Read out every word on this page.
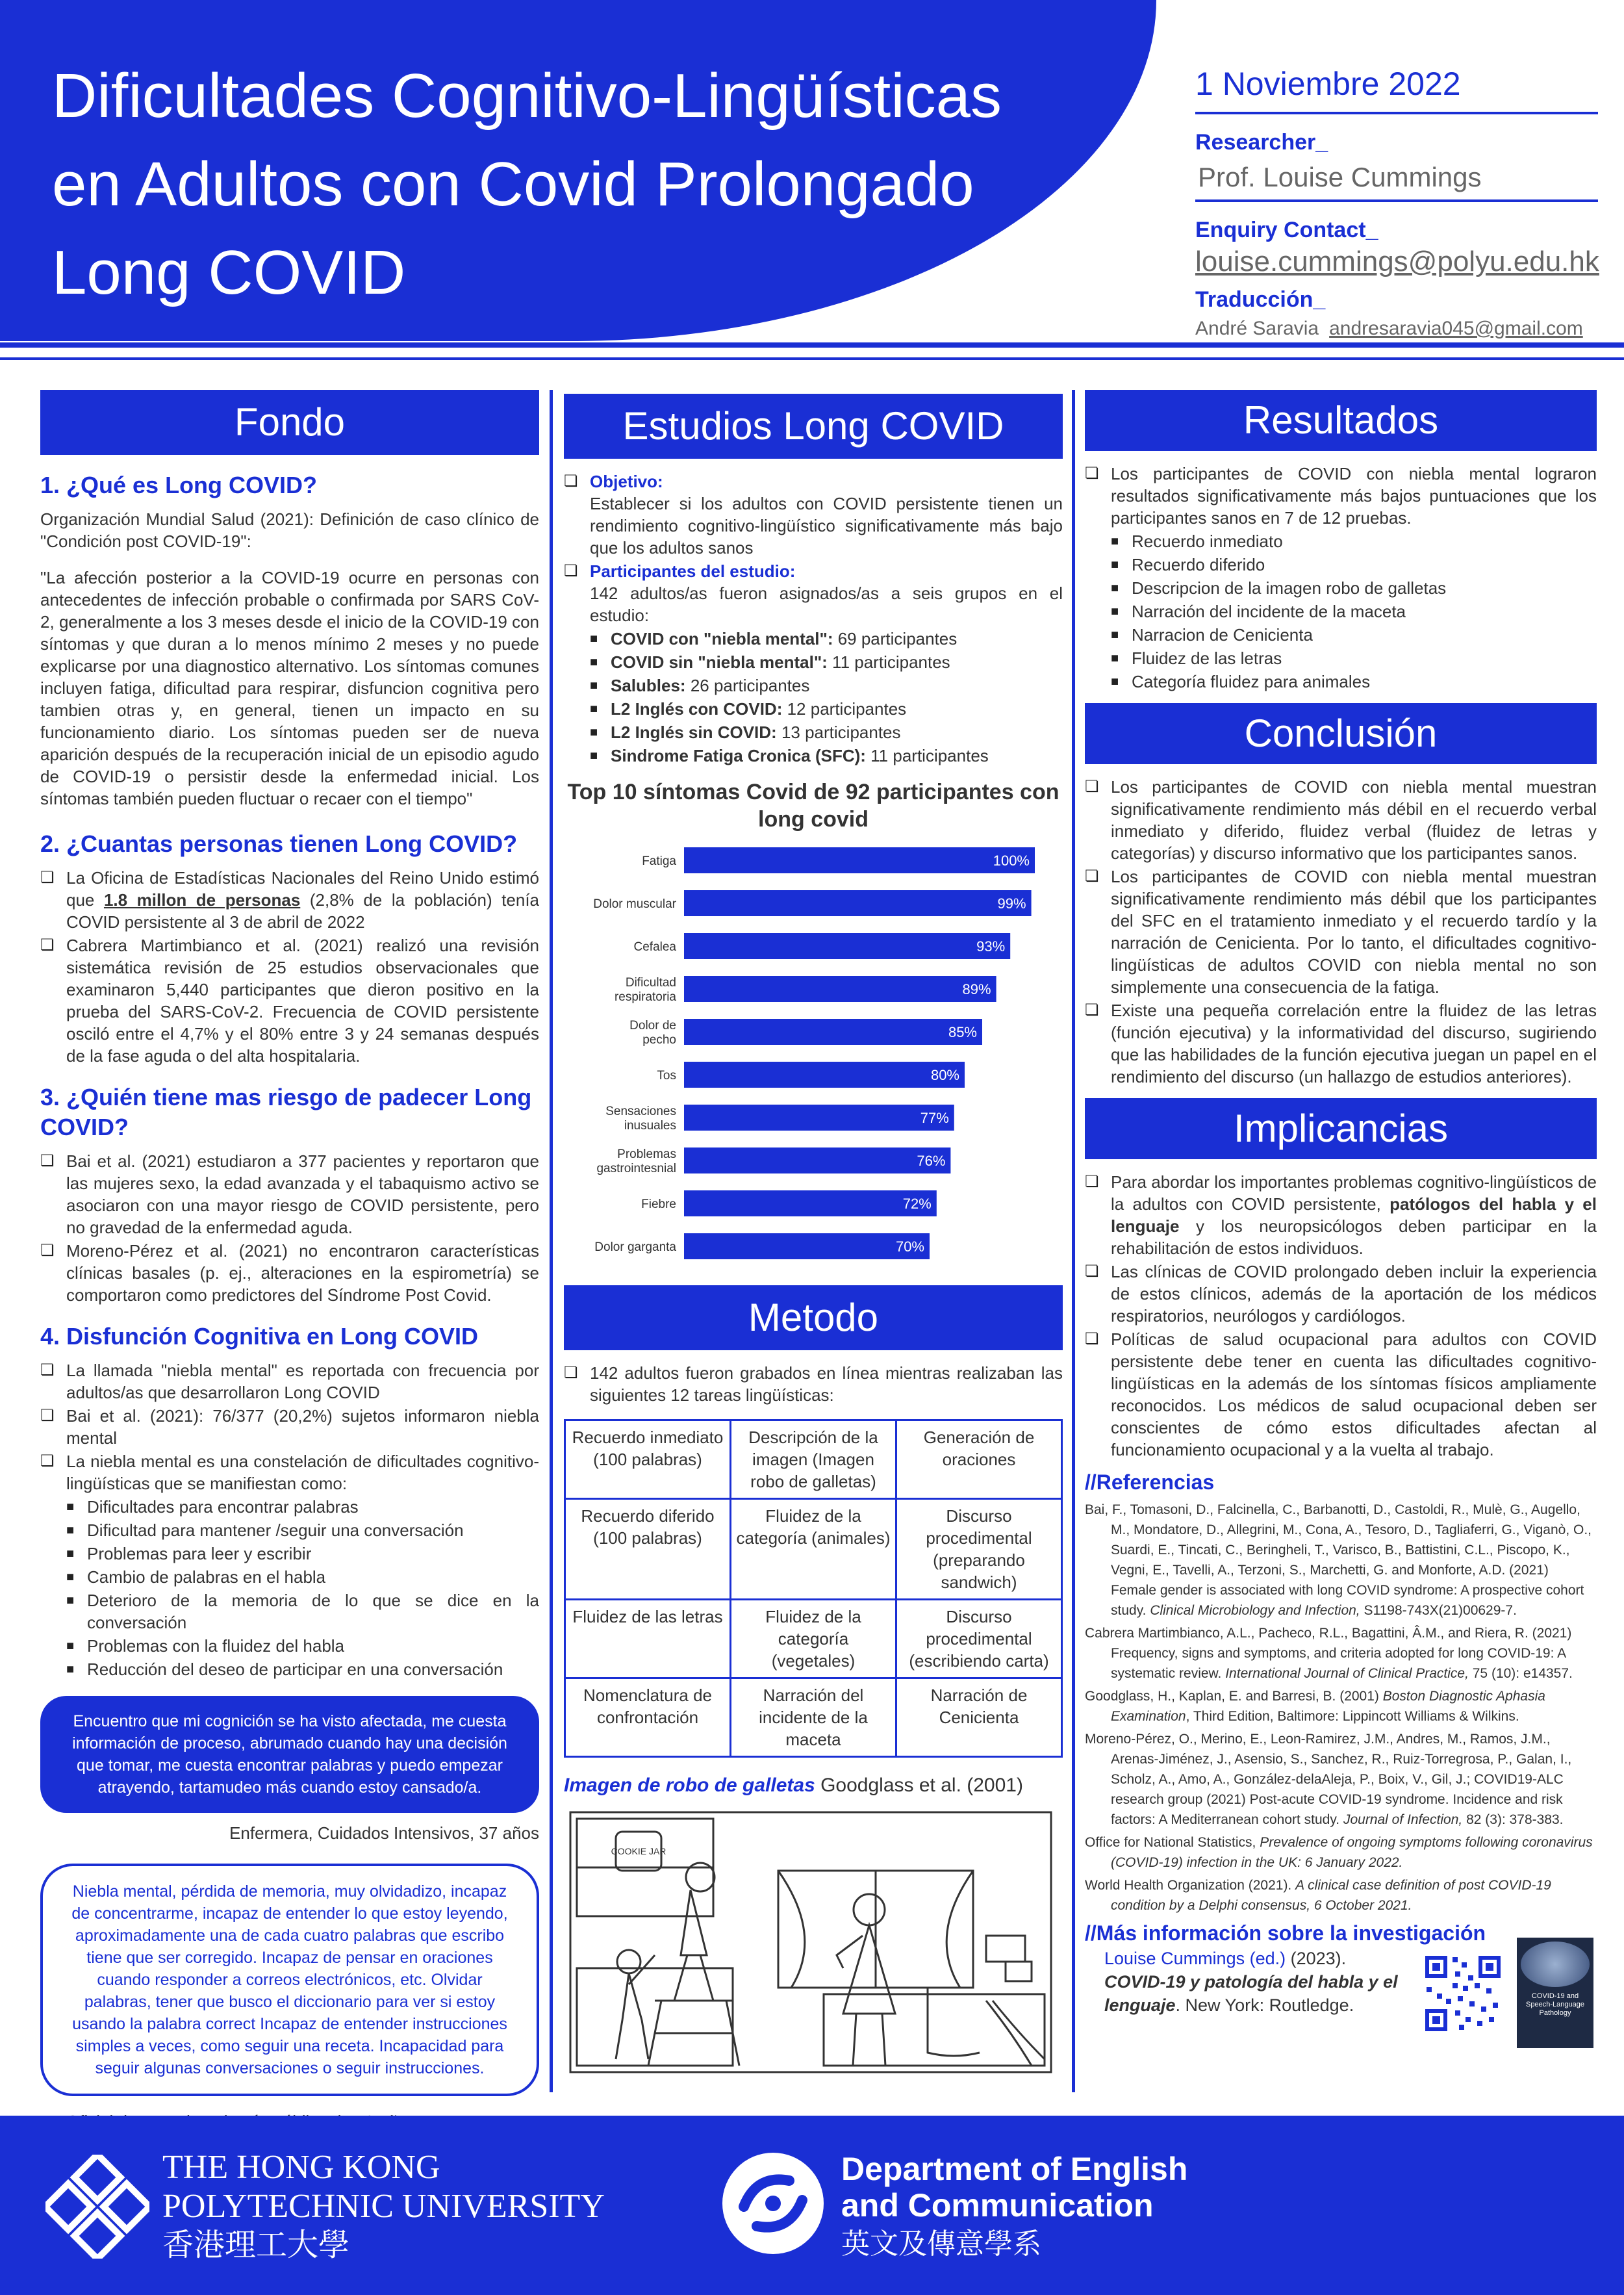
Dificultades Cognitivo-Lingüísticas
en Adultos con Covid Prolongado
Long COVID
1 Noviembre 2022
Researcher_
Prof. Louise Cummings
Enquiry Contact_
louise.cummings@polyu.edu.hk
Traducción_
André Saravia andresaravia045@gmail.com
Fondo
1. ¿Qué es Long COVID?

Organización Mundial Salud (2021): Definición de caso clínico de "Condición post COVID-19":

"La afección posterior a la COVID-19 ocurre en personas con antecedentes de infección probable o confirmada por SARS CoV-2, generalmente a los 3 meses desde el inicio de la COVID-19 con síntomas y que duran a lo menos mínimo 2 meses y no puede explicarse por una diagnostico alternativo. Los síntomas comunes incluyen fatiga, dificultad para respirar, disfuncion cognitiva pero tambien otras y, en general, tienen un impacto en su funcionamiento diario. Los síntomas pueden ser de nueva aparición después de la recuperación inicial de un episodio agudo de COVID-19 o persistir desde la enfermedad inicial. Los síntomas también pueden fluctuar o recaer con el tiempo"

2. ¿Cuantas personas tienen Long COVID?
❏ La Oficina de Estadísticas Nacionales del Reino Unido estimó que 1.8 millon de personas (2,8% de la población) tenía COVID persistente al 3 de abril de 2022
❏ Cabrera Martimbianco et al. (2021) realizó una revisión sistemática revisión de 25 estudios observacionales que examinaron 5,440 participantes que dieron positivo en la prueba del SARS-CoV-2. Frecuencia de COVID persistente osciló entre el 4,7% y el 80% entre 3 y 24 semanas después de la fase aguda o del alta hospitalaria.
3. ¿Quién tiene mas riesgo de padecer Long COVID?
❏ Bai et al. (2021) estudiaron a 377 pacientes y reportaron que las mujeres sexo, la edad avanzada y el tabaquismo activo se asociaron con una mayor riesgo de COVID persistente, pero no gravedad de la enfermedad aguda.
❏ Moreno-Pérez et al. (2021) no encontraron características clínicas basales (p. ej., alteraciones en la espirometría) se comportaron como predictores del Síndrome Post Covid.
4. Disfunción Cognitiva en Long COVID
❏ La llamada "niebla mental" es reportada con frecuencia por adultos/as que desarrollaron Long COVID
❏ Bai et al. (2021): 76/377 (20,2%) sujetos informaron niebla mental
❏ La niebla mental es una constelación de dificultades cognitivo-lingüísticas que se manifiestan como:
■ Dificultades para encontrar palabras
■ Dificultad para mantener /seguir una conversación
■ Problemas para leer y escribir
■ Cambio de palabras en el habla
■ Deterioro de la memoria de lo que se dice en la conversación
■ Problemas con la fluidez del habla
■ Reducción del deseo de participar en una conversación
Encuentro que mi cognición se ha visto afectada, me cuesta información de proceso, abrumado cuando hay una decisión que tomar, me cuesta encontrar palabras y puedo empezar atrayendo, tartamudeo más cuando estoy cansado/a.
Enfermera, Cuidados Intensivos, 37 años
Niebla mental, pérdida de memoria, muy olvidadizo, incapaz de concentrarme, incapaz de entender lo que estoy leyendo, aproximadamente una de cada cuatro palabras que escribo tiene que ser corregido. Incapaz de pensar en oraciones cuando responder a correos electrónicos, etc. Olvidar palabras, tener que busco el diccionario para ver si estoy usando la palabra correct Incapaz de entender instrucciones simples a veces, como seguir una receta. Incapacidad para seguir algunas conversaciones o seguir instrucciones.
Estudios Long COVID
❏ Objetivo:
Establecer si los adultos con COVID persistente tienen un rendimiento cognitivo-lingüístico significativamente más bajo que los adultos sanos
❏ Participantes del estudio:
142 adultos/as fueron asignados/as a seis grupos en el estudio:
■ COVID con "niebla mental": 69 participantes
■ COVID sin "niebla mental": 11 participantes
■ Salubles: 26 participantes
■ L2 Inglés con COVID: 12 participantes
■ L2 Inglés sin COVID: 13 participantes
■ Sindrome Fatiga Cronica (SFC): 11 participantes
Top 10 síntomas Covid de 92 participantes con long covid
100%
Fatiga
99%
Dolor muscular
93%
Cefalea
89%
Dificultad respiratoria
85%
Dolor de pecho
80%
Tos
77%
Sensaciones inusuales
76%
Problemas gastrointesnial
72%
Fiebre
70%
Dolor garganta
Metodo
❏ 142 adultos fueron grabados en línea mientras realizaban las siguientes 12 tareas lingüísticas:
Recuerdo inmediato (100 palabras)	Descripción de la imagen (Imagen robo de galletas)	Generación de oraciones
Recuerdo diferido (100 palabras)	Fluidez de la categoría (animales)	Discurso procedimental (preparando sandwich)
Fluidez de las letras	Fluidez de la categoría (vegetales)	Discurso procedimental (escribiendo carta)
Nomenclatura de confrontación	Narración del incidente de la maceta	Narración de Cenicienta
Imagen de robo de galletas Goodglass et al. (2001)
COOKIE JAR
Resultados
❏ Los participantes de COVID con niebla mental lograron resultados significativamente más bajos puntuaciones que los participantes sanos en 7 de 12 pruebas.
■ Recuerdo inmediato
■ Recuerdo diferido
■ Descripcion de la imagen robo de galletas
■ Narración del incidente de la maceta
■ Narracion de Cenicienta
■ Fluidez de las letras
■ Categoría fluidez para animales
Conclusión
❏ Los participantes de COVID con niebla mental muestran significativamente rendimiento más débil en el recuerdo verbal inmediato y diferido, fluidez verbal (fluidez de letras y categorías) y discurso informativo que los participantes sanos.
❏ Los participantes de COVID con niebla mental muestran significativamente rendimiento más débil que los participantes del SFC en el tratamiento inmediato y el recuerdo tardío y la narración de Cenicienta. Por lo tanto, el dificultades cognitivo-lingüísticas de adultos COVID con niebla mental no son simplemente una consecuencia de la fatiga.
❏ Existe una pequeña correlación entre la fluidez de las letras (función ejecutiva) y la informatividad del discurso, sugiriendo que las habilidades de la función ejecutiva juegan un papel en el rendimiento del discurso (un hallazgo de estudios anteriores).
Implicancias
❏ Para abordar los importantes problemas cognitivo-lingüísticos de la adultos con COVID persistente, patólogos del habla y el lenguaje y los neuropsicólogos deben participar en la rehabilitación de estos individuos.
❏ Las clínicas de COVID prolongado deben incluir la experiencia de estos clínicos, además de la aportación de los médicos respiratorios, neurólogos y cardiólogos.
❏ Políticas de salud ocupacional para adultos con COVID persistente debe tener en cuenta las dificultades cognitivo-lingüísticas en la además de los síntomas físicos ampliamente reconocidos. Los médicos de salud ocupacional deben ser conscientes de cómo estos dificultades afectan al funcionamiento ocupacional y a la vuelta al trabajo.
//Referencias
Bai, F., Tomasoni, D., Falcinella, C., Barbanotti, D., Castoldi, R., Mulè, G., Augello, M., Mondatore, D., Allegrini, M., Cona, A., Tesoro, D., Tagliaferri, G., Viganò, O., Suardi, E., Tincati, C., Beringheli, T., Varisco, B., Battistini, C.L., Piscopo, K., Vegni, E., Tavelli, A., Terzoni, S., Marchetti, G. and Monforte, A.D. (2021) Female gender is associated with long COVID syndrome: A prospective cohort study. Clinical Microbiology and Infection, S1198-743X(21)00629-7.
Cabrera Martimbianco, A.L., Pacheco, R.L., Bagattini, Â.M., and Riera, R. (2021) Frequency, signs and symptoms, and criteria adopted for long COVID-19: A systematic review. International Journal of Clinical Practice, 75 (10): e14357.
Goodglass, H., Kaplan, E. and Barresi, B. (2001) Boston Diagnostic Aphasia Examination, Third Edition, Baltimore: Lippincott Williams & Wilkins.
Moreno-Pérez, O., Merino, E., Leon-Ramirez, J.M., Andres, M., Ramos, J.M., Arenas-Jiménez, J., Asensio, S., Sanchez, R., Ruiz-Torregrosa, P., Galan, I., Scholz, A., Amo, A., González-delaAleja, P., Boix, V., Gil, J.; COVID19-ALC research group (2021) Post-acute COVID-19 syndrome. Incidence and risk factors: A Mediterranean cohort study. Journal of Infection, 82 (3): 378-383.
Office for National Statistics, Prevalence of ongoing symptoms following coronavirus (COVID-19) infection in the UK: 6 January 2022.
World Health Organization (2021). A clinical case definition of post COVID-19 condition by a Delphi consensus, 6 October 2021.
//Más información sobre la investigación
Louise Cummings (ed.) (2023).
COVID-19 y patología del habla y el lenguaje. New York: Routledge.	COVID-19 and Speech-Language Pathology
THE HONG KONG
POLYTECHNIC UNIVERSITY
香港理工大學
Department of English
and Communication
英文及傳意學系
